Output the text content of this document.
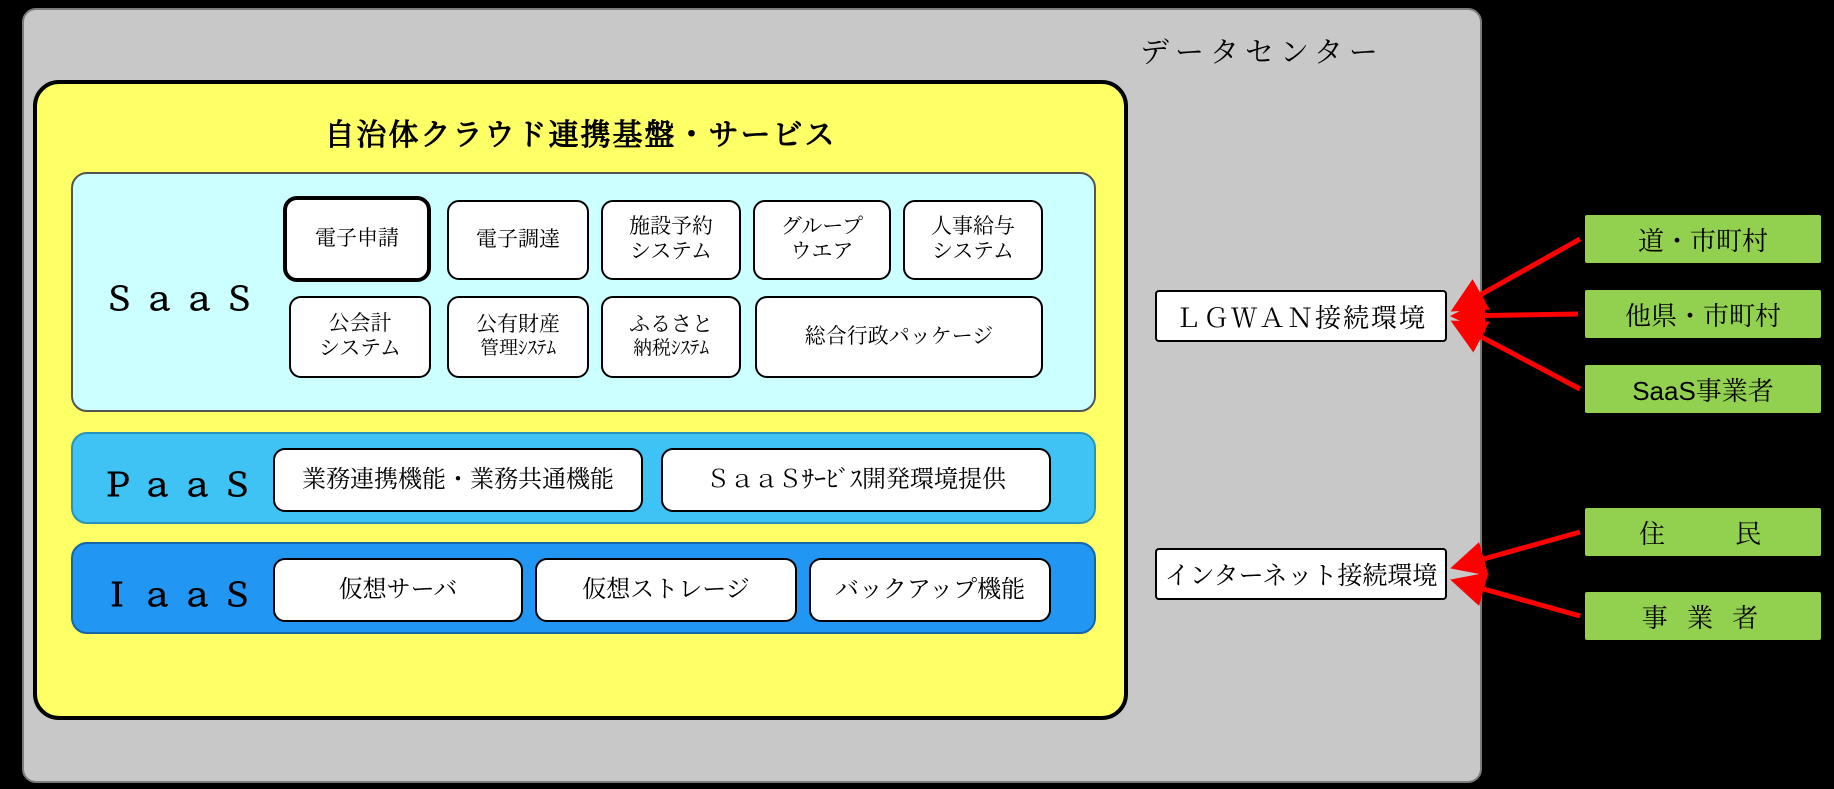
データセンター
自治体クラウド連携基盤・サービス
ＳａａＳ
電子申請	電子調達
施設予約
システム
グループ
ウエア
人事給与
システム
公会計
システム
公有財産
管理ｼｽﾃﾑ
ふるさと
納税ｼｽﾃﾑ
総合行政パッケージ
ＰａａＳ 業務連携機能・業務共通機能	ＳａａＳｻｰﾋﾞｽ開発環境提供
ＩａａＳ	仮想サーバ	仮想ストレージ	バックアップ機能
ＬＧＷＡＮ接続環境
インターネット接続環境
道・市町村
他県・市町村
SaaS事業者
住　　民
事 業 者
